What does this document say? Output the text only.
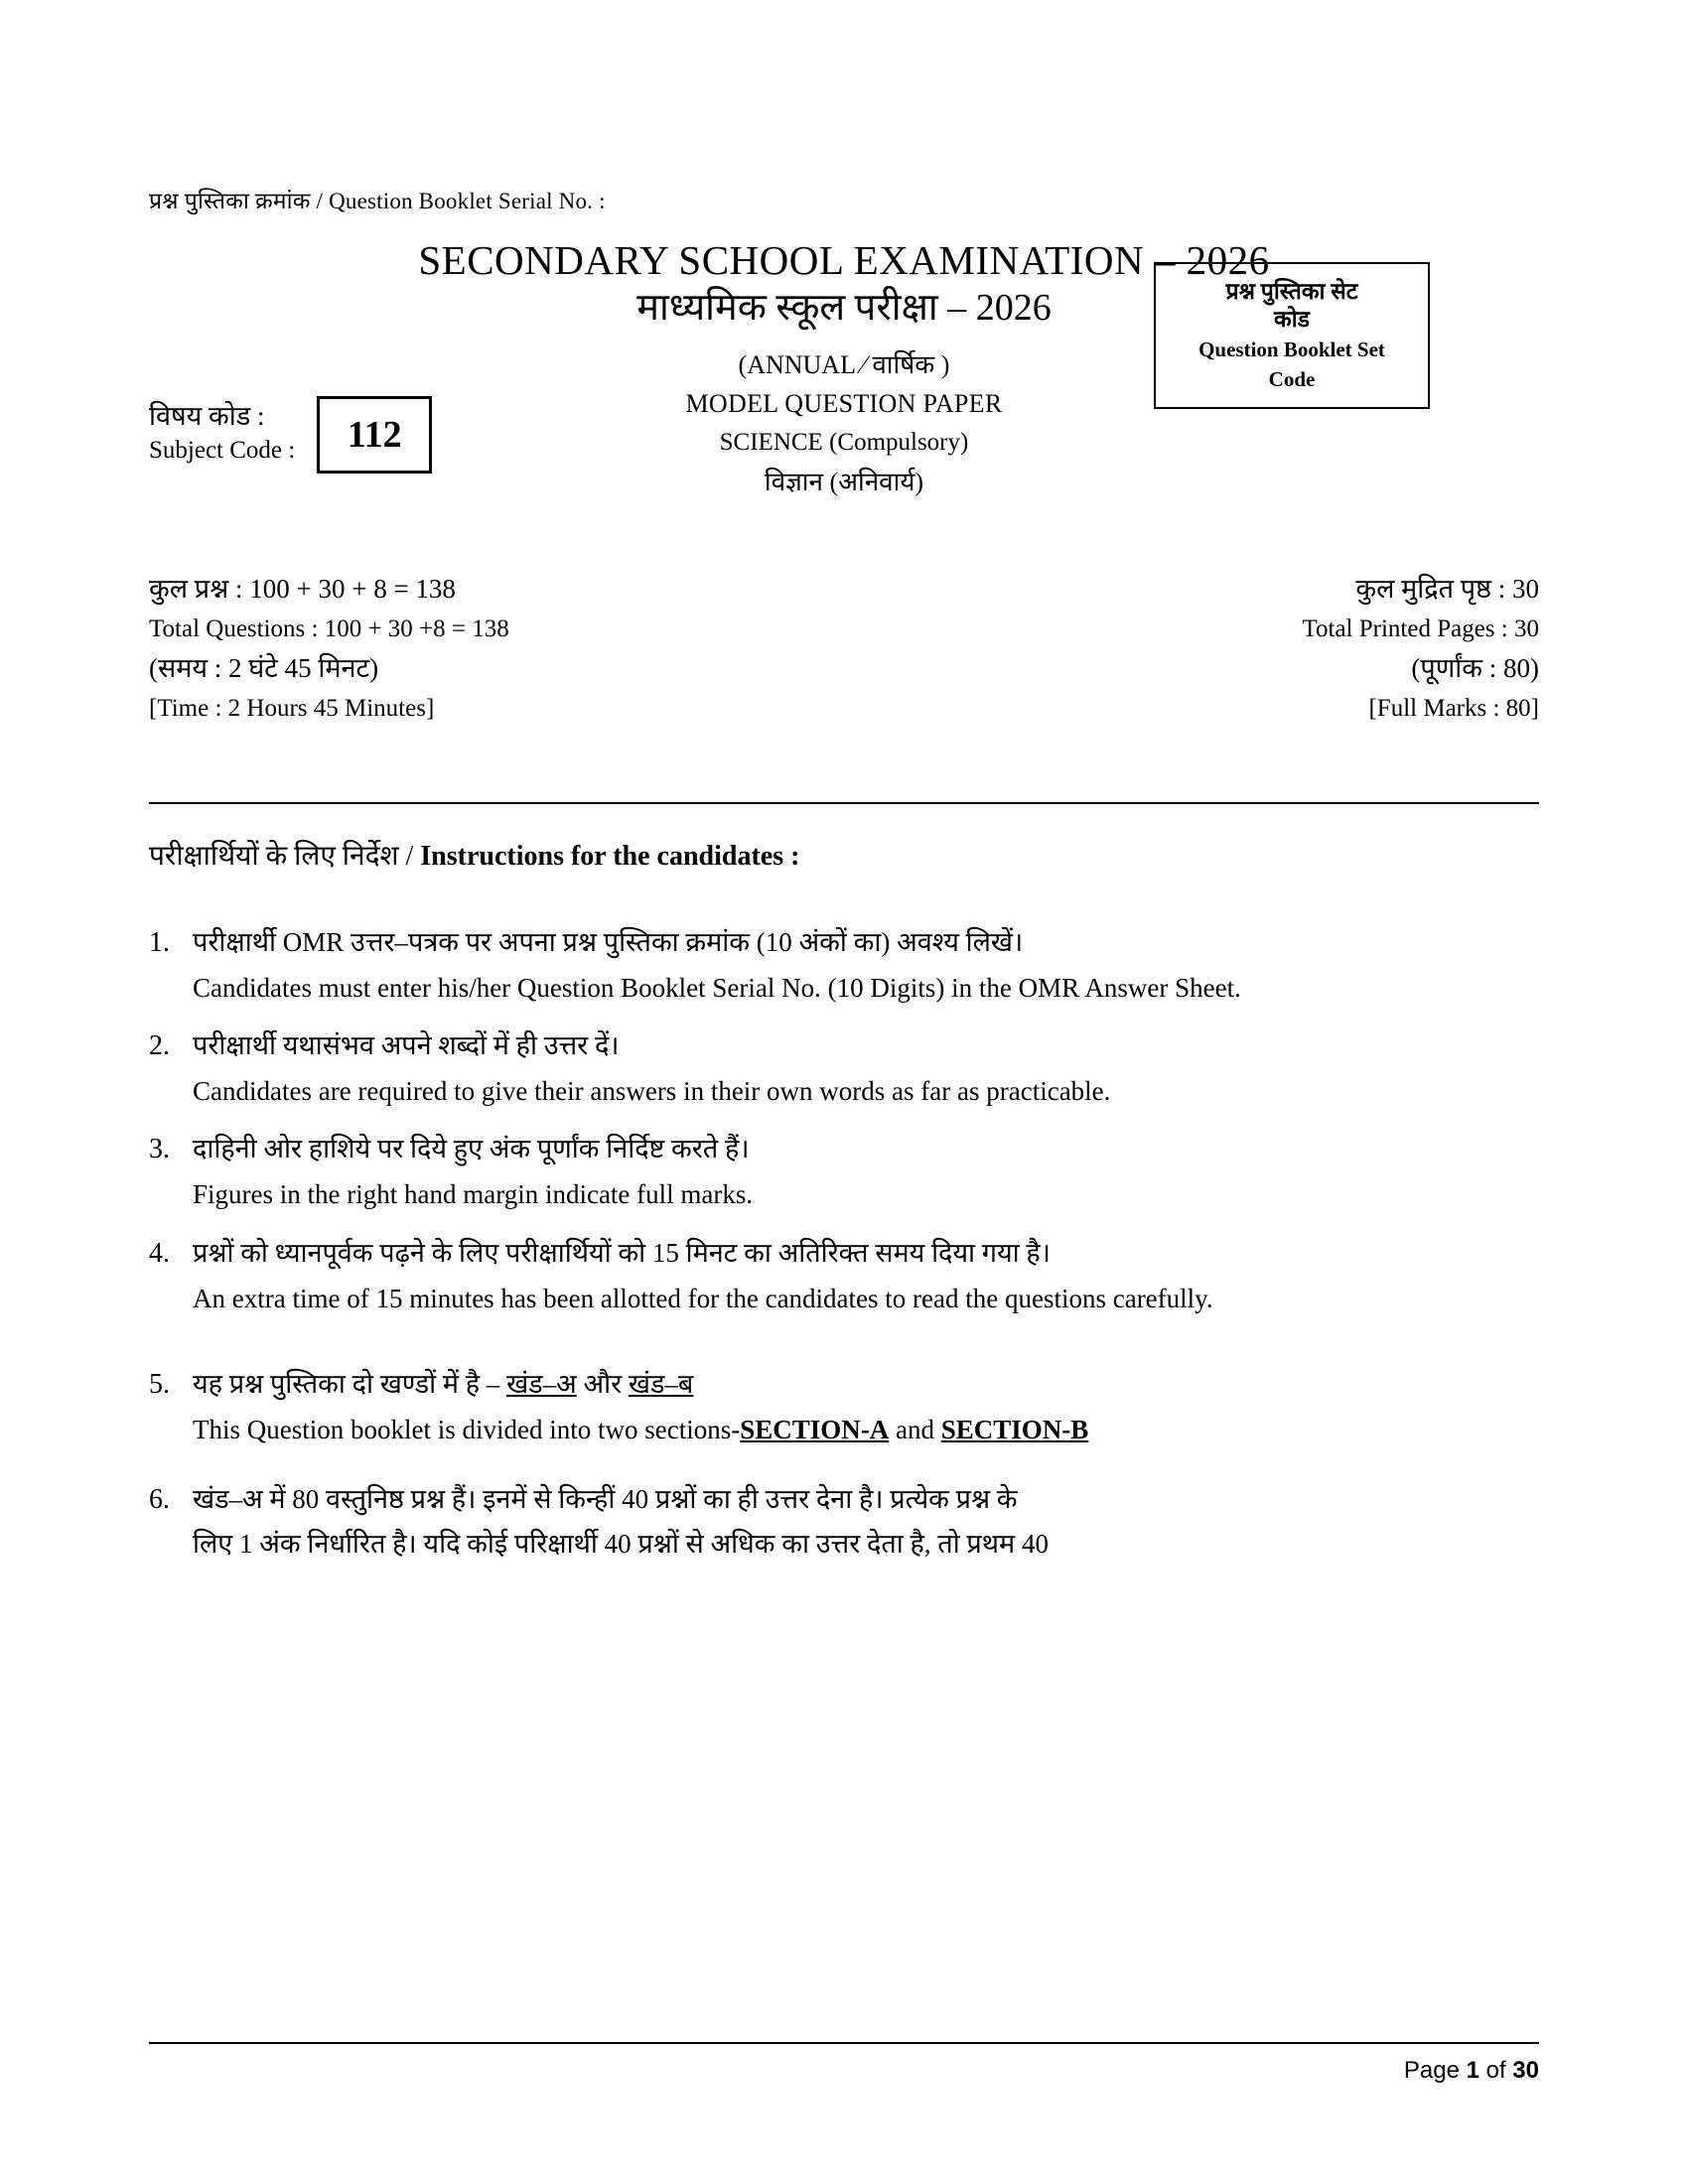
प्रश्न पुस्तिका क्रमांक / Question Booklet Serial No. :
SECONDARY SCHOOL EXAMINATION – 2026
माध्यमिक स्कूल परीक्षा – 2026
(ANNUAL ⁄ वार्षिक )
MODEL QUESTION PAPER
SCIENCE (Compulsory)
विज्ञान (अनिवार्य)
विषय कोड :
Subject Code :	112
प्रश्न पुस्तिका सेट
कोड
Question Booklet Set
Code
कुल प्रश्न : 100 + 30 + 8 = 138	कुल मुद्रित पृष्ठ : 30
Total Questions : 100 + 30 +8 = 138	Total Printed Pages : 30
(समय : 2 घंटे 45 मिनट)	(पूर्णांक : 80)
[Time : 2 Hours 45 Minutes]	[Full Marks : 80]
परीक्षार्थियों के लिए निर्देश / Instructions for the candidates :
1. परीक्षार्थी OMR उत्तर–पत्रक पर अपना प्रश्न पुस्तिका क्रमांक (10 अंकों का) अवश्य लिखें।
Candidates must enter his/her Question Booklet Serial No. (10 Digits) in the OMR Answer Sheet.
2. परीक्षार्थी यथासंभव अपने शब्दों में ही उत्तर दें।
Candidates are required to give their answers in their own words as far as practicable.
3. दाहिनी ओर हाशिये पर दिये हुए अंक पूर्णांक निर्दिष्ट करते हैं।
Figures in the right hand margin indicate full marks.
4. प्रश्नों को ध्यानपूर्वक पढ़ने के लिए परीक्षार्थियों को 15 मिनट का अतिरिक्त समय दिया गया है।
An extra time of 15 minutes has been allotted for the candidates to read the questions carefully.
5. यह प्रश्न पुस्तिका दो खण्डों में है – खंड–अ और खंड–ब
This Question booklet is divided into two sections-SECTION-A and SECTION-B
6. खंड–अ में 80 वस्तुनिष्ठ प्रश्न हैं। इनमें से किन्हीं 40 प्रश्नों का ही उत्तर देना है। प्रत्येक प्रश्न के
लिए 1 अंक निर्धारित है। यदि कोई परिक्षार्थी 40 प्रश्नों से अधिक का उत्तर देता है, तो प्रथम 40
Page 1 of 30
